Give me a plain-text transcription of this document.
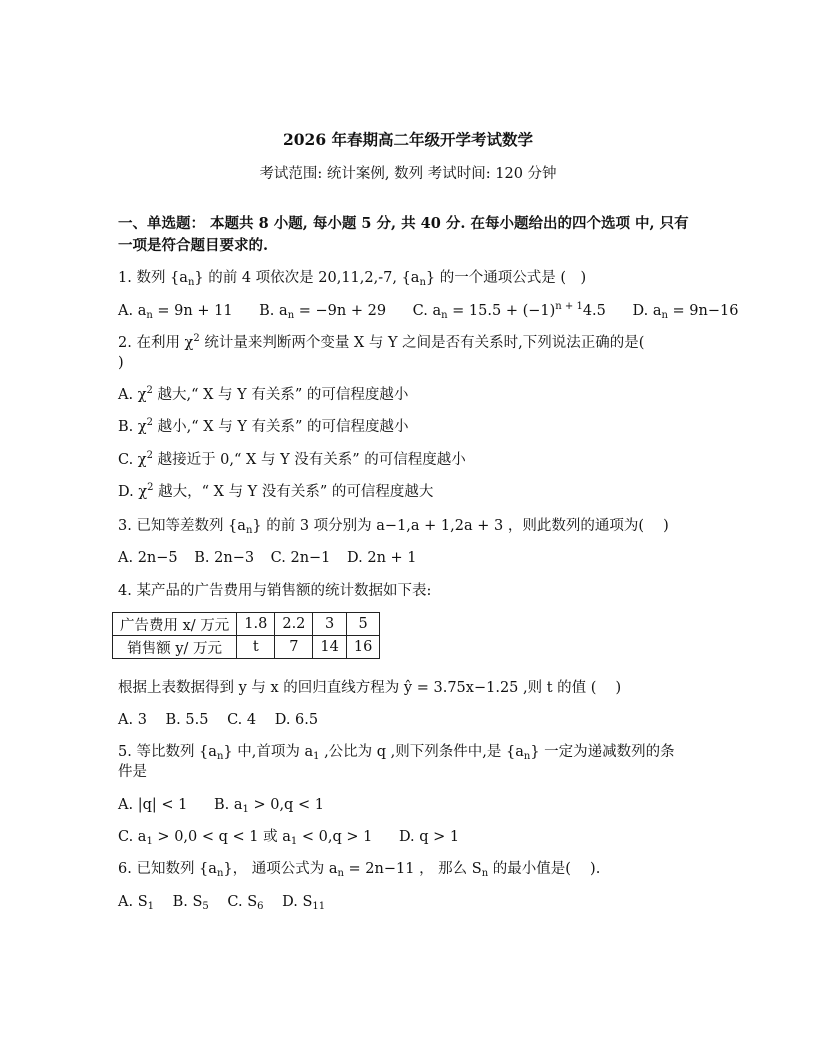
2026 年春期高二年级开学考试数学
考试范围: 统计案例, 数列 考试时间: 120 分钟
一、单选题： 本题共 8 小题, 每小题 5 分, 共 40 分. 在每小题给出的四个选项 中, 只有一项是符合题目要求的.
1. 数列 $\{a_n\}$ 的前 4 项依次是 20,11,2,-7, $\{a_n\}$ 的一个通项公式是 (　)
A. $a_n = 9n + 11$ B. $a_n = -9n + 29$ C. $a_n = 15.5 + (-1)^{n + 1}4.5$ D. $a_n = 9n-16$
2. 在利用 $\chi^2$ 统计量来判断两个变量 X 与 Y 之间是否有关系时,下列说法正确的是(
)
A. $\chi^2$ 越大,“ X 与 Y 有关系” 的可信程度越小
B. $\chi^2$ 越小,“ X 与 Y 有关系” 的可信程度越小
C. $\chi^2$ 越接近于 0,“ X 与 Y 没有关系” 的可信程度越小
D. $\chi^2$ 越大，“ X 与 Y 没有关系” 的可信程度越大
3. 已知等差数列 $\{a_n\}$ 的前 3 项分别为 a−1,a + 1,2a + 3 ，则此数列的通项为(　 )
A. 2n−5 B. 2n−3 C. 2n−1 D. 2n + 1
4. 某产品的广告费用与销售额的统计数据如下表:
广告费用 x/ 万元	1.8	2.2	3	5
销售额 y/ 万元	t	7	14	16
根据上表数据得到 y 与 x 的回归直线方程为 ŷ = 3.75x−1.25 ,则 t 的值 (　 )
A. 3 B. 5.5 C. 4 D. 6.5
5. 等比数列 $\{a_n\}$ 中,首项为 $a_1$ ,公比为 q ,则下列条件中,是 $\{a_n\}$ 一定为递减数列的条
件是
A. |q| < 1 B. $a_1 > 0,q < 1$
C. $a_1 > 0,0 < q < 1$ 或 $a_1 < 0,q > 1$ D. q > 1
6. 已知数列 $\{a_n\}$， 通项公式为 $a_n = 2n-11$ ， 那么 $S_n$ 的最小值是(　 ).
A. $S_1$ B. $S_5$ C. $S_6$ D. $S_{11}$
